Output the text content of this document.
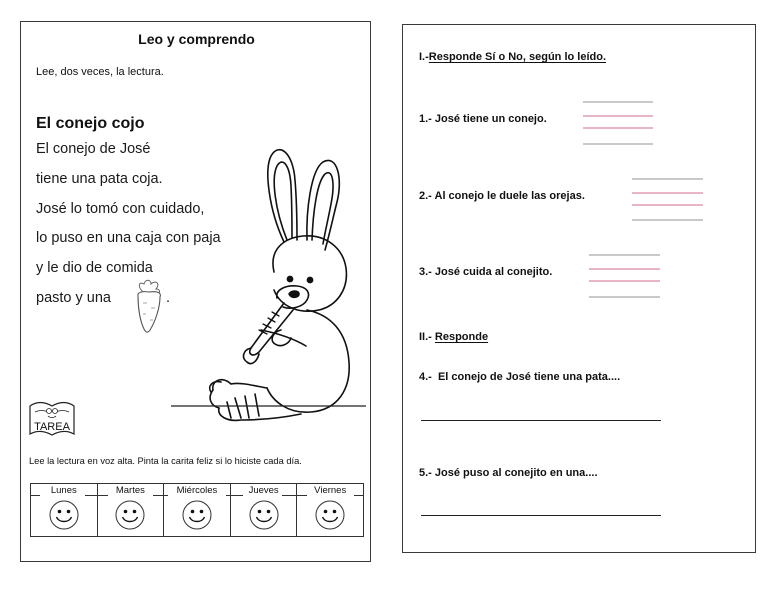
Leo y comprendo
Lee, dos veces, la lectura.
El conejo cojo
El conejo de José
tiene una pata coja.
José lo tomó con cuidado,
lo puso en una caja con paja
y le dio de comida
pasto y una	.
TAREA
Lee la lectura en voz alta. Pinta la carita feliz si lo hiciste cada día.
Lunes	Martes	Miércoles	Jueves	Viernes
I.-Responde Sí o No, según lo leído.
1.- José tiene un conejo.
2.- Al conejo le duele las orejas.
3.- José cuida al conejito.
II.- Responde
4.- El conejo de José tiene una pata....
5.- José puso al conejito en una....
